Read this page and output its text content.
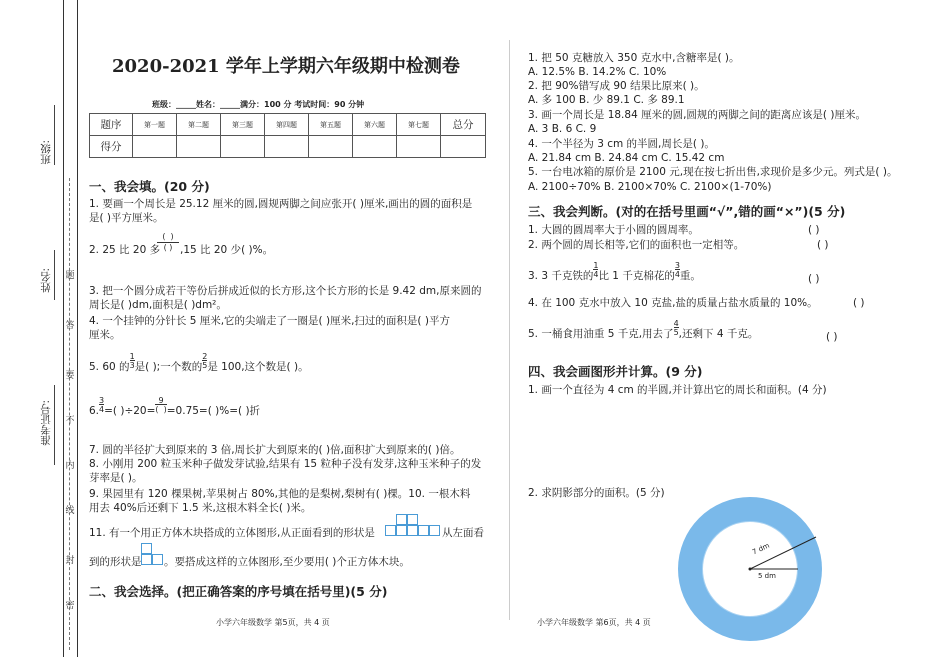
班级:
姓名:
准考证号:
题
答
要
不
内
线
封
密
2020-2021 学年上学期六年级期中检测卷
班级：_____姓名：_____满分：100 分 考试时间：90 分钟
题序	第一题	第二题	第三题	第四题	第五题	第六题	第七题	总分
得分								
一、我会填。(20 分)
1. 要画一个周长是 25.12 厘米的圆,圆规两脚之间应张开( )厘米,画出的圆的面积是
是( )平方厘米。
2. 25 比 20 多
(  )
( ) ,15 比 20 少( )%。
3. 把一个圆分成若干等份后拼成近似的长方形,这个长方形的长是 9.42 dm,原来圆的
周长是( )dm,面积是( )dm²。
4. 一个挂钟的分针长 5 厘米,它的尖端走了一圈是( )厘米,扫过的面积是( )平方
厘米。
5. 60 的$\frac{1}{3}$是( );一个数的$\frac{2}{5}$是 100,这个数是( )。
$6.\frac{3}{4}=$( )$\div 20=\frac{9}{( )}=0.75=$( )%=( )折
7. 圆的半径扩大到原来的 3 倍,周长扩大到原来的( )倍,面积扩大到原来的( )倍。
8. 小刚用 200 粒玉米种子做发芽试验,结果有 15 粒种子没有发芽,这种玉米种子的发
芽率是( )。
9. 果园里有 120 棵果树,苹果树占 80%,其他的是梨树,梨树有( )棵。10. 一根木料
用去 40%后还剩下 1.5 米,这根木料全长( )米。
11. 有一个用正方体木块搭成的立体图形,从正面看到的形状是	从左面看
到的形状是 。要搭成这样的立体图形,至少要用( )个正方体木块。
二、我会选择。(把正确答案的序号填在括号里)(5 分)
小学六年级数学 第5页，共 4 页	小学六年级数学 第6页，共 4 页
1. 把 50 克糖放入 350 克水中,含糖率是( )。
A. 12.5% B. 14.2% C. 10%
2. 把 90%错写成 90 结果比原来( )。
A. 多 100 B. 少 89.1 C. 多 89.1
3. 画一个周长是 18.84 厘米的圆,圆规的两脚之间的距离应该是( )厘米。
A. 3 B. 6 C. 9
4. 一个半径为 3 cm 的半圆,周长是( )。
A. 21.84 cm B. 24.84 cm C. 15.42 cm
5. 一台电冰箱的原价是 2100 元,现在按七折出售,求现价是多少元。列式是( )。
A. 2100÷70% B. 2100×70% C. 2100×(1-70%)
三、我会判断。(对的在括号里画“√”,错的画“×”)(5 分)
1. 大圆的圆周率大于小圆的圆周率。	( )
2. 两个圆的周长相等,它们的面积也一定相等。	( )
3. 3 千克铁的$\frac{1}{4}$比 1 千克棉花的$\frac{3}{4}$重。	( )
4. 在 100 克水中放入 10 克盐,盐的质量占盐水质量的 10%。	( )
5. 一桶食用油重 5 千克,用去了$\frac{4}{5}$,还剩下 4 千克。	( )
四、我会画图形并计算。(9 分)
1. 画一个直径为 4 cm 的半圆,并计算出它的周长和面积。(4 分)
2. 求阴影部分的面积。(5 分)
7 dm
5 dm
